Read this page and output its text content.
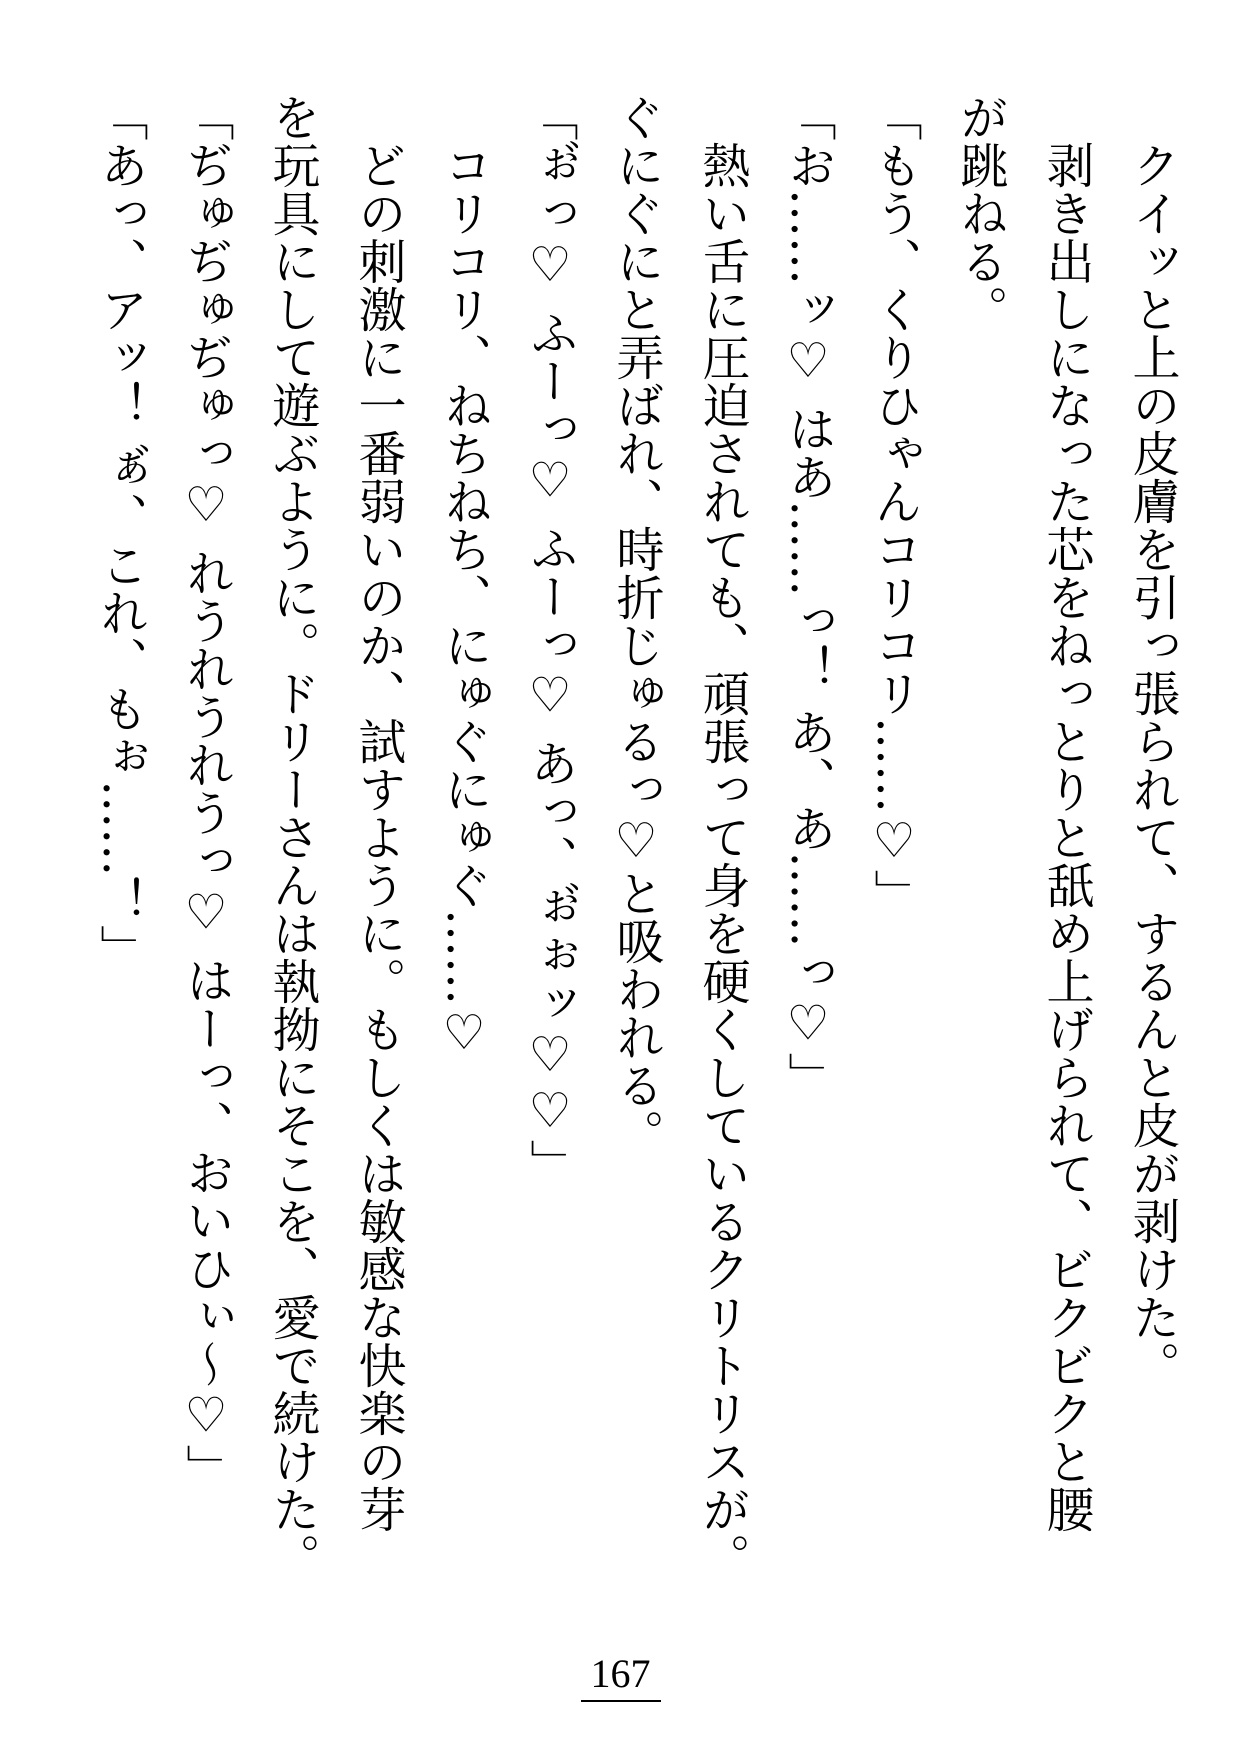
クイッと上の皮膚を引っ張られて、するんと皮が剥けた。
剥き出しになった芯をねっとりと舐め上げられて、ビクビクと腰
が跳ねる。
「もう、くりひゃんコリコリ……♡」
「お……ッ♡ はあ……っ！ あ、あ……っ♡」
熱い舌に圧迫されても、頑張って身を硬くしているクリトリスが。
ぐにぐにと弄ばれ、時折じゅるっ♡と吸われる。
「ぉ゙っ♡ ふーっ♡ ふーっ♡ あっ、ぉ゙ぉッ♡♡」
コリコリ、ねちねち、にゅぐにゅぐ……♡
どの刺激に一番弱いのか、試すように。もしくは敏感な快楽の芽
を玩具にして遊ぶように。ドリーさんは執拗にそこを、愛で続けた。
「ぢゅぢゅぢゅっ♡ れうれうれうっ♡ はーっ、おいひぃ〜♡」
「あっ、アッ！ ぁ゙、これ、もぉ……！」
167
